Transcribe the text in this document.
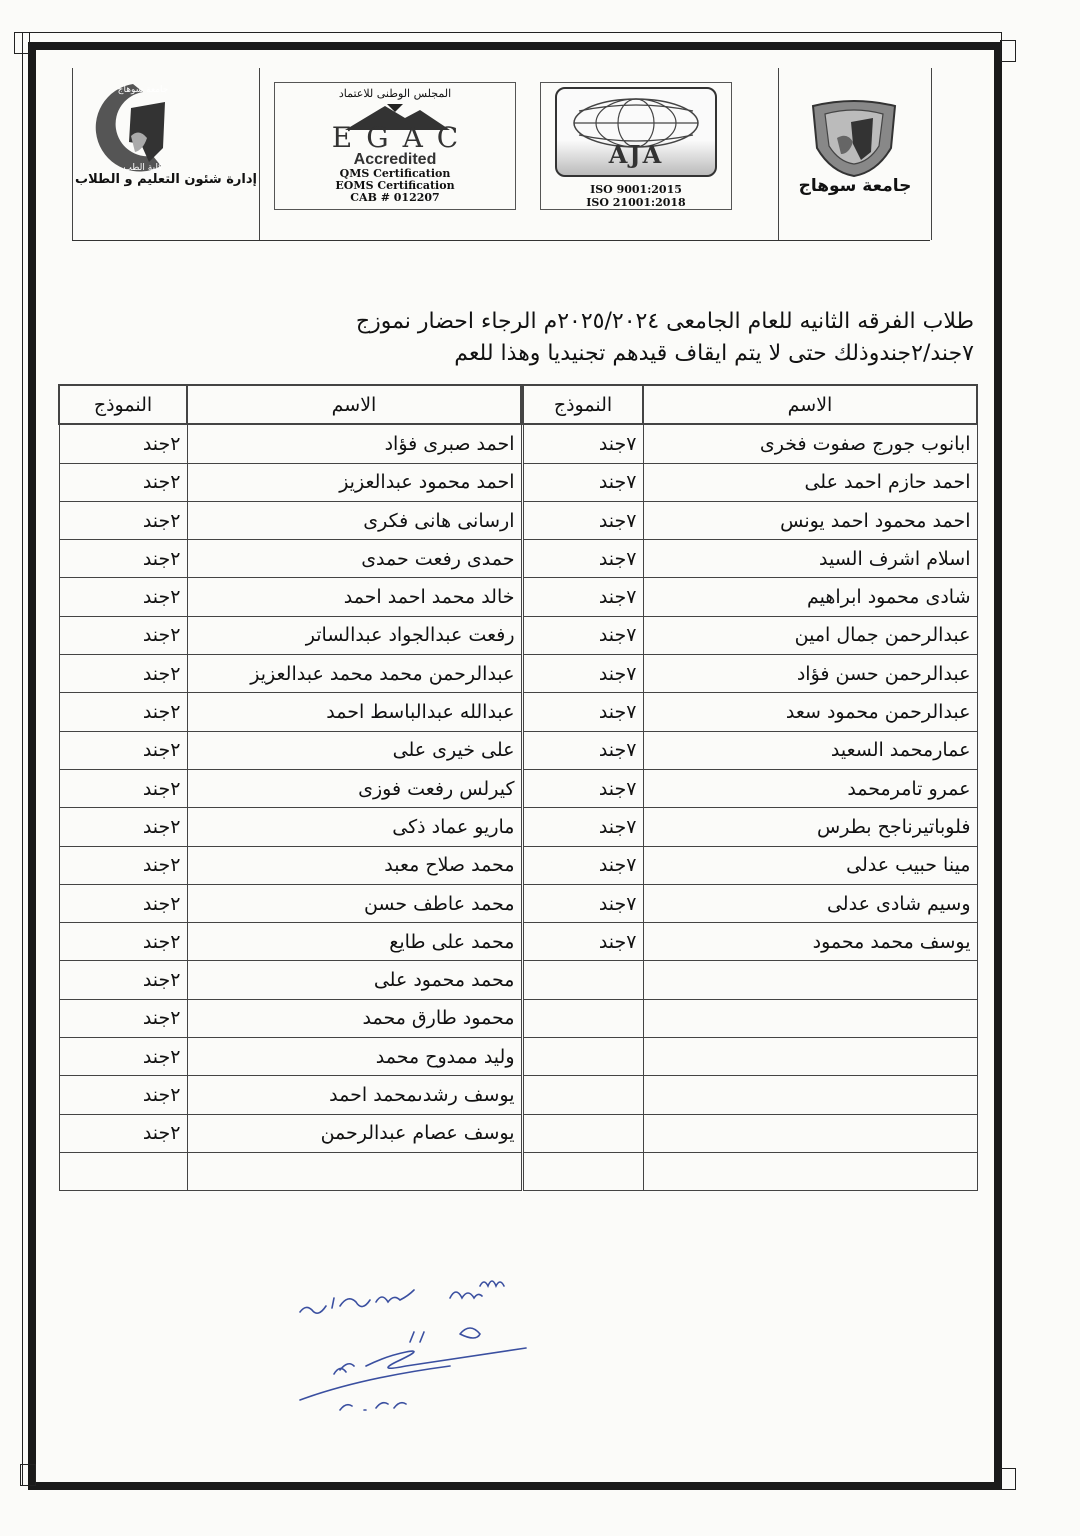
جامعة سوهاج
كلية الطب
إدارة شئون التعليم و الطلاب
المجلس الوطنى للاعتماد
EGAC
Accredited
QMS Certification
EOMS Certification
CAB # 012207
AJA
ISO 9001:2015
ISO 21001:2018
جامعة سوهاج
طلاب الفرقه الثانيه للعام الجامعى ٢٠٢٥/٢٠٢٤م الرجاء احضار نموزج
٧جند/٢جندوذلك حتى لا يتم ايقاف قيدهم تجنيديا وهذا للعم
الاسم	النموذج		الاسم	النموذج
ابانوب جورج صفوت فخرى	٧جند		احمد صبرى فؤاد	٢جند
احمد حازم احمد على	٧جند		احمد محمود عبدالعزيز	٢جند
احمد محمود احمد يونس	٧جند		ارسانى هانى فكرى	٢جند
اسلام اشرف السيد	٧جند		حمدى رفعت حمدى	٢جند
شادى محمود ابراهيم	٧جند		خالد محمد احمد احمد	٢جند
عبدالرحمن جمال امين	٧جند		رفعت عبدالجواد عبدالساتر	٢جند
عبدالرحمن حسن فؤاد	٧جند		عبدالرحمن محمد محمد عبدالعزيز	٢جند
عبدالرحمن محمود سعد	٧جند		عبدالله عبدالباسط احمد	٢جند
عمارمحمد السعيد	٧جند		على خيرى على	٢جند
عمرو تامرمحمد	٧جند		كيرلس رفعت فوزى	٢جند
فلوباتيرناجح بطرس	٧جند		ماريو عماد ذكى	٢جند
مينا حبيب عدلى	٧جند		محمد صلاح معبد	٢جند
وسيم شادى عدلى	٧جند		محمد عاطف حسن	٢جند
يوسف محمد محمود	٧جند		محمد على طايع	٢جند
			محمد محمود على	٢جند
			محمود طارق محمد	٢جند
			وليد ممدوح محمد	٢جند
			يوسف رشدىمحمد احمد	٢جند
			يوسف عصام عبدالرحمن	٢جند
